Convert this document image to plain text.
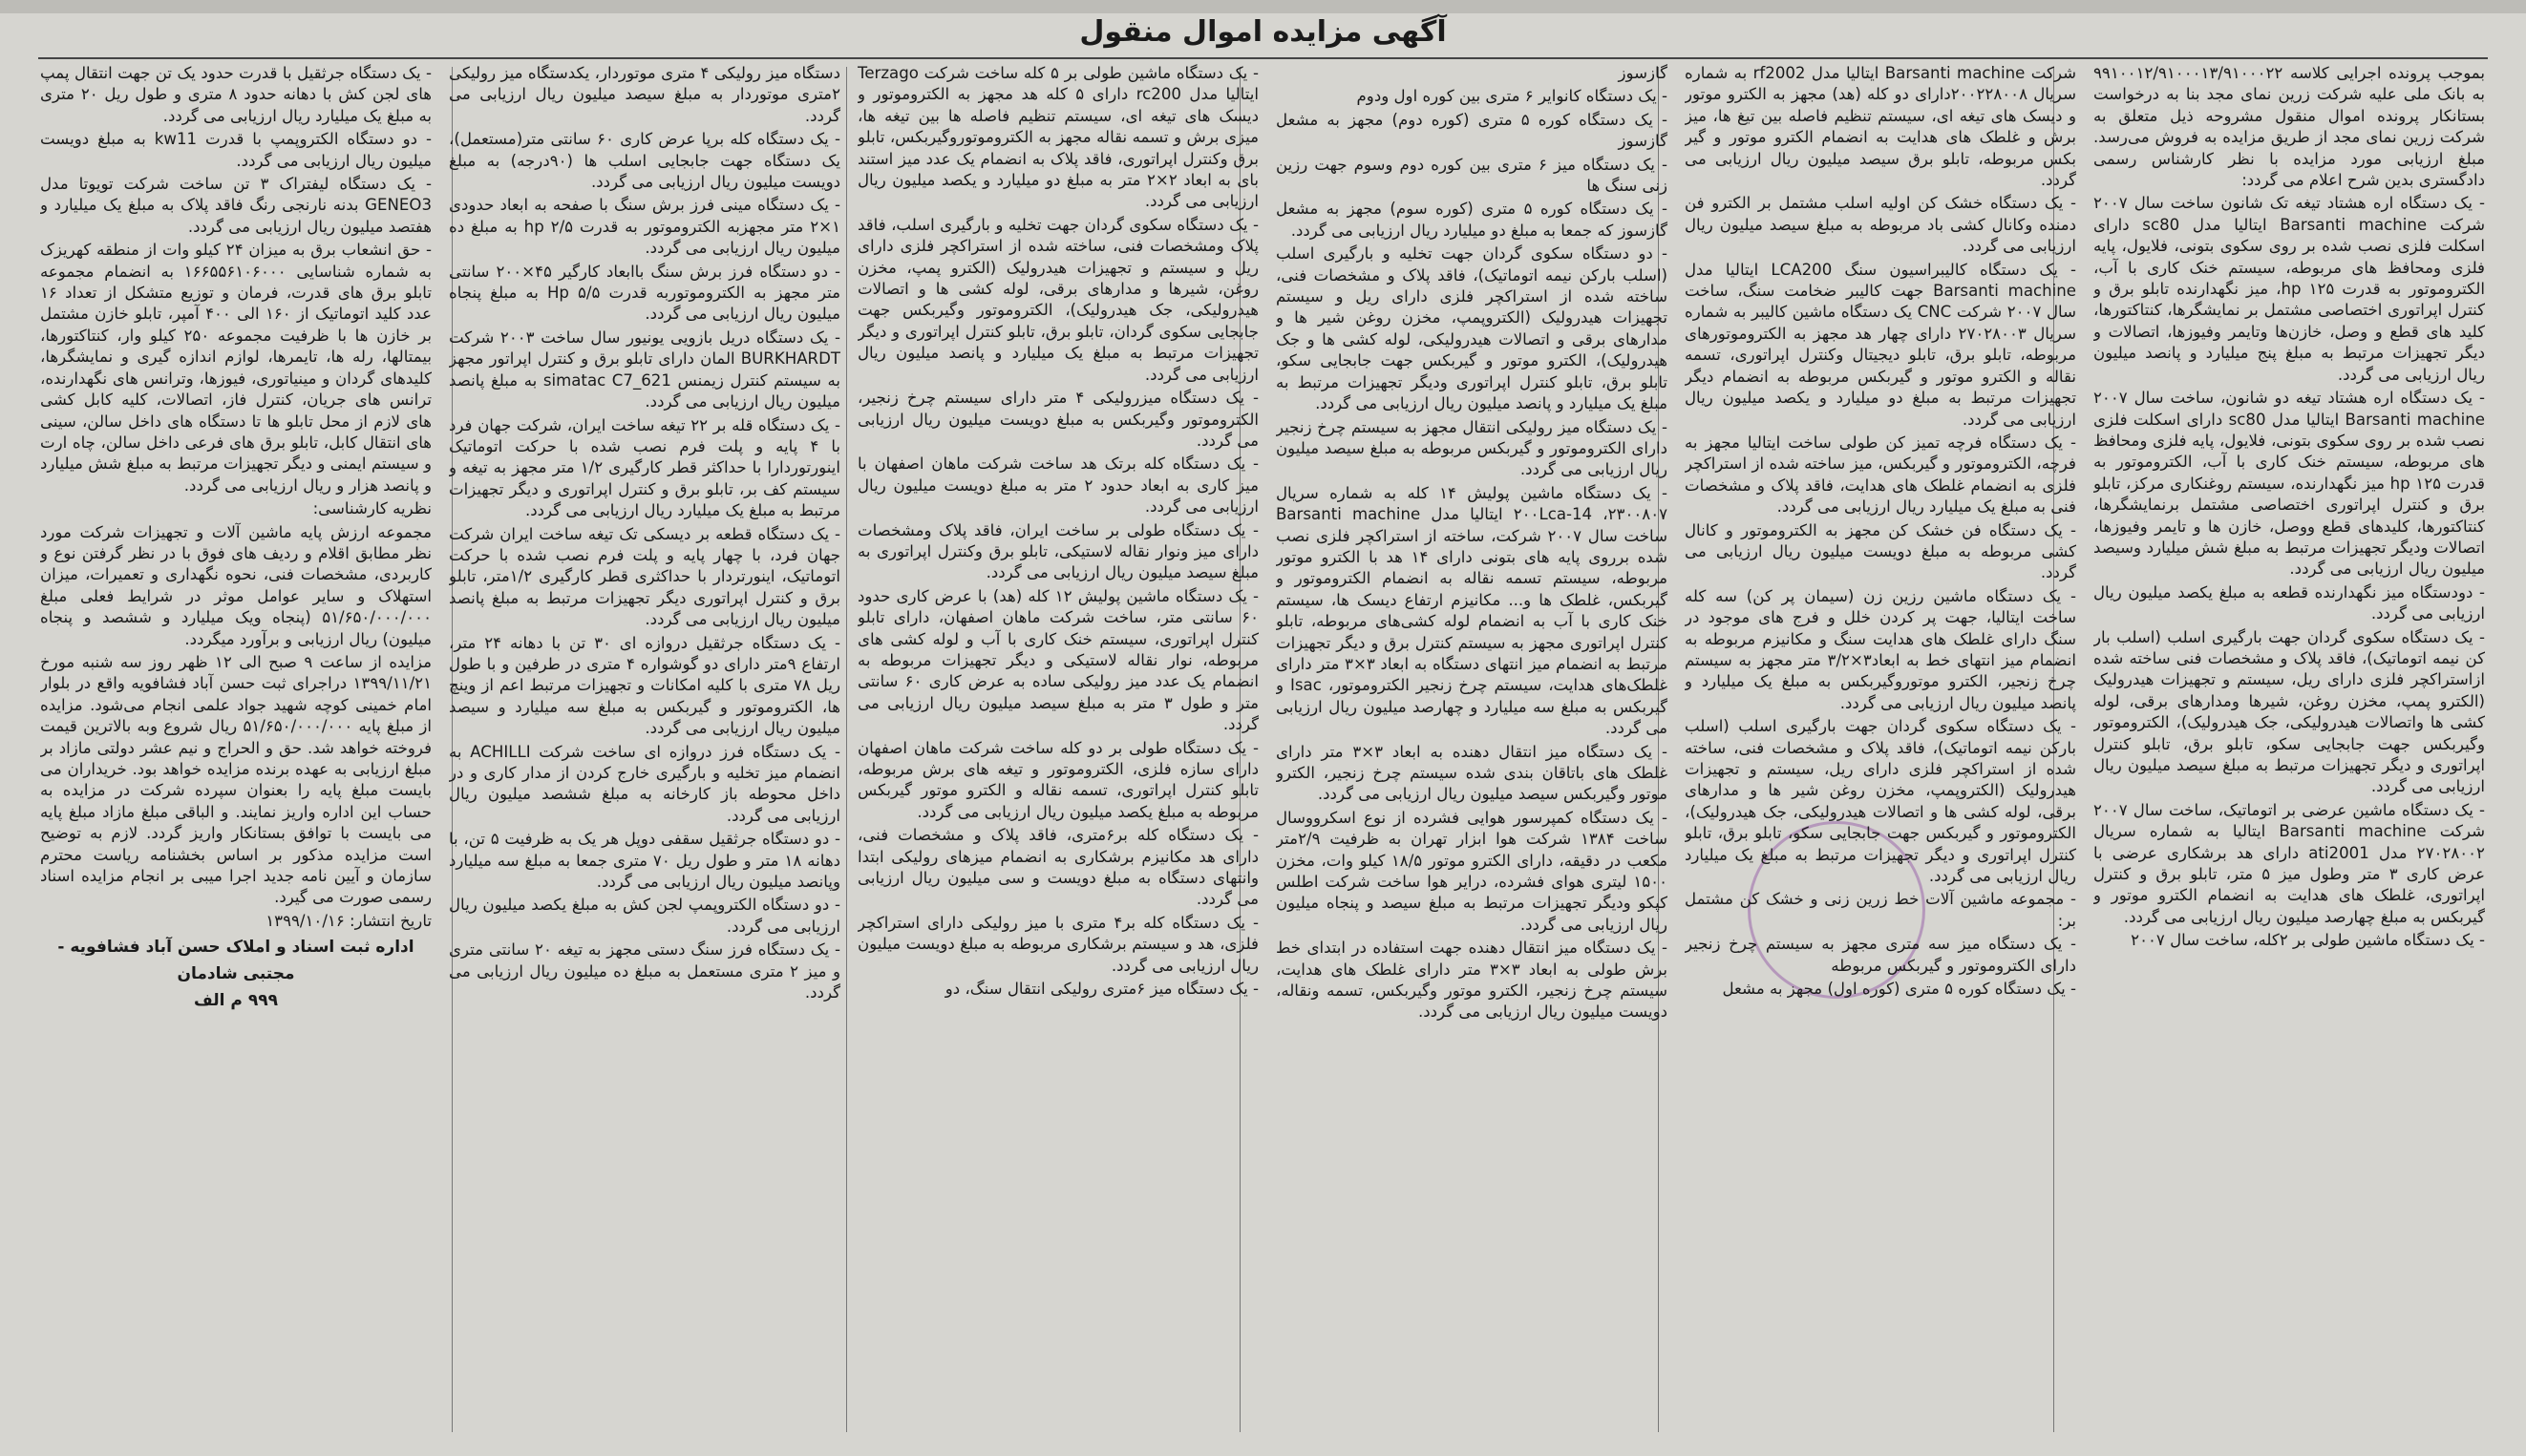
آگهی مزایده اموال منقول

بموجب پرونده اجرایی کلاسه ۹۹۱۰۰۱۲/۹۱۰۰۰۱۳/۹۱۰۰۰۲۲ به بانک ملی علیه شرکت زرین نمای مجد بنا به درخواست بستانکار پرونده اموال منقول مشروحه ذیل متعلق به شرکت زرین نمای مجد از طریق مزایده به فروش می‌رسد. مبلغ ارزیابی مورد مزایده با نظر کارشناس رسمی دادگستری بدین شرح اعلام می گردد:

- یک دستگاه اره هشتاد تیغه تک شانون ساخت سال ۲۰۰۷ شرکت Barsanti machine ایتالیا مدل sc80 دارای اسکلت فلزی نصب شده بر روی سکوی بتونی، فلایول، پایه فلزی ومحافظ های مربوطه، سیستم خنک کاری با آب، الکتروموتور به قدرت hp ۱۲۵، میز نگهدارنده تابلو برق و کنترل اپراتوری اختصاصی مشتمل بر نمایشگرها، کنتاکتورها، کلید های قطع و وصل، خازن‌ها وتایمر وفیوزها، اتصالات و دیگر تجهیزات مرتبط به مبلغ پنج میلیارد و پانصد میلیون ریال ارزیابی می گردد.

- یک دستگاه اره هشتاد تیغه دو شانون، ساخت سال ۲۰۰۷ Barsanti machine ایتالیا مدل sc80 دارای اسکلت فلزی نصب شده بر روی سکوی بتونی، فلایول، پایه فلزی ومحافظ های مربوطه، سیستم خنک کاری با آب، الکتروموتور به قدرت hp ۱۲۵ میز نگهدارنده، سیستم روغنکاری مرکز، تابلو برق و کنترل اپراتوری اختصاصی مشتمل برنمایشگرها، کنتاکتورها، کلیدهای قطع ووصل، خازن ها و تایمر وفیوزها، اتصالات ودیگر تجهیزات مرتبط به مبلغ شش میلیارد وسیصد میلیون ریال ارزیابی می گردد.

- دودستگاه میز نگهدارنده قطعه به مبلغ یکصد میلیون ریال ارزیابی می گردد.

- یک دستگاه سکوی گردان جهت بارگیری اسلب (اسلب بار کن نیمه اتوماتیک)، فاقد پلاک و مشخصات فنی ساخته شده ازاستراکچر فلزی دارای ریل، سیستم و تجهیزات هیدرولیک (الکترو پمپ، مخزن روغن، شیرها ومدارهای برقی، لوله کشی ها واتصالات هیدرولیکی، جک هیدرولیک)، الکتروموتور وگیربکس جهت جابجایی سکو، تابلو برق، تابلو کنترل اپراتوری و دیگر تجهیزات مرتبط به مبلغ سیصد میلیون ریال ارزیابی می گردد.

- یک دستگاه ماشین عرضی بر اتوماتیک، ساخت سال ۲۰۰۷ شرکت Barsanti machine ایتالیا به شماره سریال ۲۷۰۲۸۰۰۲ مدل ati2001 دارای هد برشکاری عرضی با عرض کاری ۳ متر وطول میز ۵ متر، تابلو برق و کنترل اپراتوری، غلطک های هدایت به انضمام الکترو موتور و گیربکس به مبلغ چهارصد میلیون ریال ارزیابی می گردد.

- یک دستگاه ماشین طولی بر ۲کله، ساخت سال ۲۰۰۷

شرکت Barsanti machine ایتالیا مدل rf2002 به شماره سریال ۲۰۰۲۲۸۰۰۸دارای دو کله (هد) مجهز به الکترو موتور و دیسک های تیغه ای، سیستم تنظیم فاصله بین تیغ ها، میز برش و غلطک های هدایت به انضمام الکترو موتور و گیر بکس مربوطه، تابلو برق سیصد میلیون ریال ارزیابی می گردد.

- یک دستگاه خشک کن اولیه اسلب مشتمل بر الکترو فن دمنده وکانال کشی باد مربوطه به مبلغ سیصد میلیون ریال ارزیابی می گردد.

- یک دستگاه کالیبراسیون سنگ LCA200 ایتالیا مدل Barsanti machine جهت کالیبر ضخامت سنگ، ساخت سال ۲۰۰۷ شرکت CNC یک دستگاه ماشین کالیبر به شماره سریال ۲۷۰۲۸۰۰۳ دارای چهار هد مجهز به الکتروموتورهای مربوطه، تابلو برق، تابلو دیجیتال وکنترل اپراتوری، تسمه نقاله و الکترو موتور و گیربکس مربوطه به انضمام دیگر تجهیزات مرتبط به مبلغ دو میلیارد و یکصد میلیون ریال ارزیابی می گردد.

- یک دستگاه فرچه تمیز کن طولی ساخت ایتالیا مجهز به فرچه، الکتروموتور و گیربکس، میز ساخته شده از استراکچر فلزی به انضمام غلطک های هدایت، فاقد پلاک و مشخصات فنی به مبلغ یک میلیارد ریال ارزیابی می گردد.

- یک دستگاه فن خشک کن مجهز به الکتروموتور و کانال کشی مربوطه به مبلغ دویست میلیون ریال ارزیابی می گردد.

- یک دستگاه ماشین رزین زن (سیمان پر کن) سه کله ساخت ایتالیا، جهت پر کردن خلل و فرج های موجود در سنگ دارای غلطک های هدایت سنگ و مکانیزم مربوطه به انضمام میز انتهای خط به ابعاد۳×۳/۲ متر مجهز به سیستم چرخ زنجیر، الکترو موتوروگیربکس به مبلغ یک میلیارد و پانصد میلیون ریال ارزیابی می گردد.

- یک دستگاه سکوی گردان جهت بارگیری اسلب (اسلب بارکن نیمه اتوماتیک)، فاقد پلاک و مشخصات فنی، ساخته شده از استراکچر فلزی دارای ریل، سیستم و تجهیزات هیدرولیک (الکتروپمپ، مخزن روغن شیر ها و مدارهای برقی، لوله کشی ها و اتصالات هیدرولیکی، جک هیدرولیک)، الکتروموتور و گیربکس جهت جابجایی سکو، تابلو برق، تابلو کنترل اپراتوری و دیگر تجهیزات مرتبط به مبلغ یک میلیارد ریال ارزیابی می گردد.

- مجموعه ماشین آلات خط زرین زنی و خشک کن مشتمل بر:

- یک دستگاه میز سه متری مجهز به سیستم چرخ زنجیر دارای الکتروموتور و گیربکس مربوطه

- یک دستگاه کوره ۵ متری (کوره اول) مجهز به مشعل

گازسوز

- یک دستگاه کانوایر ۶ متری بین کوره اول ودوم

- یک دستگاه کوره ۵ متری (کوره دوم) مجهز به مشعل گازسوز

- یک دستگاه میز ۶ متری بین کوره دوم وسوم جهت رزین زنی سنگ ها

- یک دستگاه کوره ۵ متری (کوره سوم) مجهز به مشعل گازسوز که جمعا به مبلغ دو میلیارد ریال ارزیابی می گردد.

- دو دستگاه سکوی گردان جهت تخلیه و بارگیری اسلب (اسلب بارکن نیمه اتوماتیک)، فاقد پلاک و مشخصات فنی، ساخته شده از استراکچر فلزی دارای ریل و سیستم تجهیزات هیدرولیک (الکتروپمپ، مخزن روغن شیر ها و مدارهای برقی و اتصالات هیدرولیکی، لوله کشی ها و جک هیدرولیک)، الکترو موتور و گیربکس جهت جابجایی سکو، تابلو برق، تابلو کنترل اپراتوری ودیگر تجهیزات مرتبط به مبلغ یک میلیارد و پانصد میلیون ریال ارزیابی می گردد.

- یک دستگاه میز رولیکی انتقال مجهز به سیستم چرخ زنجیر دارای الکتروموتور و گیربکس مربوطه به مبلغ سیصد میلیون ریال ارزیابی می گردد.

- یک دستگاه ماشین پولیش ۱۴ کله به شماره سریال ۲۳۰۰۸۰۷، ۲۰۰Lca-14 ایتالیا مدل Barsanti machine ساخت سال ۲۰۰۷ شرکت، ساخته از استراکچر فلزی نصب شده برروی پایه های بتونی دارای ۱۴ هد با الکترو موتور مربوطه، سیستم تسمه نقاله به انضمام الکتروموتور و گیربکس، غلطک ها و... مکانیزم ارتفاع دیسک ها، سیستم خنک کاری با آب به انضمام لوله کشی‌های مربوطه، تابلو کنترل اپراتوری مجهز به سیستم کنترل برق و دیگر تجهیزات مرتبط به انضمام میز انتهای دستگاه به ابعاد ۳×۳ متر دارای غلطک‌های هدایت، سیستم چرخ زنجیر الکتروموتور، Isac و گیربکس به مبلغ سه میلیارد و چهارصد میلیون ریال ارزیابی می گردد.

- یک دستگاه میز انتقال دهنده به ابعاد ۳×۳ متر دارای غلطک های باتاقان بندی شده سیستم چرخ زنجیر، الکترو موتور وگیربکس سیصد میلیون ریال ارزیابی می گردد.

- یک دستگاه کمپرسور هوایی فشرده از نوع اسکرووسال ساخت ۱۳۸۴ شرکت هوا ابزار تهران به ظرفیت ۲/۹متر مکعب در دقیقه، دارای الکترو موتور ۱۸/۵ کیلو وات، مخزن ۱۵۰۰ لیتری هوای فشرده، درایر هوا ساخت شرکت اطلس کپکو ودیگر تجهیزات مرتبط به مبلغ سیصد و پنجاه میلیون ریال ارزیابی می گردد.

- یک دستگاه میز انتقال دهنده جهت استفاده در ابتدای خط برش طولی به ابعاد ۳×۳ متر دارای غلطک های هدایت، سیستم چرخ زنجیر، الکترو موتور وگیربکس، تسمه ونقاله، دویست میلیون ریال ارزیابی می گردد.

- یک دستگاه ماشین طولی بر ۵ کله ساخت شرکت Terzago ایتالیا مدل rc200 دارای ۵ کله هد مجهز به الکتروموتور و دیسک های تیغه ای، سیستم تنظیم فاصله ها بین تیغه ها، میزی برش و تسمه نقاله مجهز به الکتروموتوروگیربکس، تابلو برق وکنترل اپراتوری، فاقد پلاک به انضمام یک عدد میز استند بای به ابعاد ۲×۲ متر به مبلغ دو میلیارد و یکصد میلیون ریال ارزیابی می گردد.

- یک دستگاه سکوی گردان جهت تخلیه و بارگیری اسلب، فاقد پلاک ومشخصات فنی، ساخته شده از استراکچر فلزی دارای ریل و سیستم و تجهیزات هیدرولیک (الکترو پمپ، مخزن روغن، شیرها و مدارهای برقی، لوله کشی ها و اتصالات هیدرولیکی، جک هیدرولیک)، الکتروموتور وگیربکس جهت جابجایی سکوی گردان، تابلو برق، تابلو کنترل اپراتوری و دیگر تجهیزات مرتبط به مبلغ یک میلیارد و پانصد میلیون ریال ارزیابی می گردد.

- یک دستگاه میزرولیکی ۴ متر دارای سیستم چرخ زنجیر، الکتروموتور وگیربکس به مبلغ دویست میلیون ریال ارزیابی می گردد.

- یک دستگاه کله برتک هد ساخت شرکت ماهان اصفهان با میز کاری به ابعاد حدود ۲ متر به مبلغ دویست میلیون ریال ارزیابی می گردد.

- یک دستگاه طولی بر ساخت ایران، فاقد پلاک ومشخصات دارای میز ونوار نقاله لاستیکی، تابلو برق وکنترل اپراتوری به مبلغ سیصد میلیون ریال ارزیابی می گردد.

- یک دستگاه ماشین پولیش ۱۲ کله (هد) با عرض کاری حدود ۶۰ سانتی متر، ساخت شرکت ماهان اصفهان، دارای تابلو کنترل اپراتوری، سیستم خنک کاری با آب و لوله کشی های مربوطه، نوار نقاله لاستیکی و دیگر تجهیزات مربوطه به انضمام یک عدد میز رولیکی ساده به عرض کاری ۶۰ سانتی متر و طول ۳ متر به مبلغ سیصد میلیون ریال ارزیابی می گردد.

- یک دستگاه طولی بر دو کله ساخت شرکت ماهان اصفهان دارای سازه فلزی، الکتروموتور و تیغه های برش مربوطه، تابلو کنترل اپراتوری، تسمه نقاله و الکترو موتور گیربکس مربوطه به مبلغ یکصد میلیون ریال ارزیابی می گردد.

- یک دستگاه کله بر۶متری، فاقد پلاک و مشخصات فنی، دارای هد مکانیزم برشکاری به انضمام میزهای رولیکی ابتدا وانتهای دستگاه به مبلغ دویست و سی میلیون ریال ارزیابی می گردد.

- یک دستگاه کله بر۴ متری با میز رولیکی دارای استراکچر فلزی، هد و سیستم برشکاری مربوطه به مبلغ دویست میلیون ریال ارزیابی می گردد.

- یک دستگاه میز ۶متری رولیکی انتقال سنگ، دو

دستگاه میز رولیکی ۴ متری موتوردار، یکدستگاه میز رولیکی ۲متری موتوردار به مبلغ سیصد میلیون ریال ارزیابی می گردد.

- یک دستگاه کله برپا عرض کاری ۶۰ سانتی متر(مستعمل)، یک دستگاه جهت جابجایی اسلب ها (۹۰درجه) به مبلغ دویست میلیون ریال ارزیابی می گردد.

- یک دستگاه مینی فرز برش سنگ با صفحه به ابعاد حدودی ۱×۲ متر مجهزبه الکتروموتور به قدرت hp ۲/۵ به مبلغ ده میلیون ریال ارزیابی می گردد.

- دو دستگاه فرز برش سنگ باابعاد کارگیر ۴۵×۲۰۰ سانتی متر مجهز به الکتروموتوربه قدرت Hp ۵/۵ به مبلغ پنجاه میلیون ریال ارزیابی می گردد.

- یک دستگاه دریل بازویی یونیور سال ساخت ۲۰۰۳ شرکت BURKHARDT المان دارای تابلو برق و کنترل اپراتور مجهز به سیستم کنترل زیمنس simatac C7_621 به مبلغ پانصد میلیون ریال ارزیابی می گردد.

- یک دستگاه قله بر ۲۲ تیغه ساخت ایران، شرکت جهان فرد با ۴ پایه و پلت فرم نصب شده با حرکت اتوماتیک اینورتوردارا با حداکثر قطر کارگیری ۱/۲ متر مجهز به تیغه و سیستم کف بر، تابلو برق و کنترل اپراتوری و دیگر تجهیزات مرتبط به مبلغ یک میلیارد ریال ارزیابی می گردد.

- یک دستگاه قطعه بر دیسکی تک تیغه ساخت ایران شرکت جهان فرد، با چهار پایه و پلت فرم نصب شده با حرکت اتوماتیک، اینورتردار با حداکثری قطر کارگیری ۱/۲متر، تابلو برق و کنترل اپراتوری دیگر تجهیزات مرتبط به مبلغ پانصد میلیون ریال ارزیابی می گردد.

- یک دستگاه جرثقیل دروازه ای ۳۰ تن با دهانه ۲۴ متر، ارتفاع ۹متر دارای دو گوشواره ۴ متری در طرفین و با طول ریل ۷۸ متری با کلیه امکانات و تجهیزات مرتبط اعم از وینچ ها، الکتروموتور و گیربکس به مبلغ سه میلیارد و سیصد میلیون ریال ارزیابی می گردد.

- یک دستگاه فرز دروازه ای ساخت شرکت ACHILLI به انضمام میز تخلیه و بارگیری خارج کردن از مدار کاری و در داخل محوطه باز کارخانه به مبلغ ششصد میلیون ریال ارزیابی می گردد.

- دو دستگاه جرثقیل سقفی دوپل هر یک به ظرفیت ۵ تن، با دهانه ۱۸ متر و طول ریل ۷۰ متری جمعا به مبلغ سه میلیارد وپانصد میلیون ریال ارزیابی می گردد.

- دو دستگاه الکتروپمپ لجن کش به مبلغ یکصد میلیون ریال ارزیابی می گردد.

- یک دستگاه فرز سنگ دستی مجهز به تیغه ۲۰ سانتی متری و میز ۲ متری مستعمل به مبلغ ده میلیون ریال ارزیابی می گردد.

- یک دستگاه جرثقیل با قدرت حدود یک تن جهت انتقال پمپ های لجن کش با دهانه حدود ۸ متری و طول ریل ۲۰ متری به مبلغ یک میلیارد ریال ارزیابی می گردد.

- دو دستگاه الکتروپمپ با قدرت kw11 به مبلغ دویست میلیون ریال ارزیابی می گردد.

- یک دستگاه لیفتراک ۳ تن ساخت شرکت تویوتا مدل GENEO3 بدنه نارنجی رنگ فاقد پلاک به مبلغ یک میلیارد و هفتصد میلیون ریال ارزیابی می گردد.

- حق انشعاب برق به میزان ۲۴ کیلو وات از منطقه کهریزک به شماره شناسایی ۱۶۶۵۵۶۱۰۶۰۰۰ به انضمام مجموعه تابلو برق های قدرت، فرمان و توزیع متشکل از تعداد ۱۶ عدد کلید اتوماتیک از ۱۶۰ الی ۴۰۰ آمپر، تابلو خازن مشتمل بر خازن ها با ظرفیت مجموعه ۲۵۰ کیلو وار، کنتاکتورها، بیمتالها، رله ها، تایمرها، لوازم اندازه گیری و نمایشگرها، کلیدهای گردان و مینیاتوری، فیوزها، وترانس های نگهدارنده، ترانس های جریان، کنترل فاز، اتصالات، کلیه کابل کشی های لازم از محل تابلو ها تا دستگاه های داخل سالن، سینی های انتقال کابل، تابلو برق های فرعی داخل سالن، چاه ارت و سیستم ایمنی و دیگر تجهیزات مرتبط به مبلغ شش میلیارد و پانصد هزار و ریال ارزیابی می گردد.

نظریه کارشناسی:

مجموعه ارزش پایه ماشین آلات و تجهیزات شرکت مورد نظر مطابق اقلام و ردیف های فوق با در نظر گرفتن نوع و کاربردی، مشخصات فنی، نحوه نگهداری و تعمیرات، میزان استهلاک و سایر عوامل موثر در شرایط فعلی مبلغ ۵۱/۶۵۰/۰۰۰/۰۰۰ (پنجاه ویک میلیارد و ششصد و پنجاه میلیون) ریال ارزیابی و برآورد میگردد.

مزایده از ساعت ۹ صبح الی ۱۲ ظهر روز سه شنبه مورخ ۱۳۹۹/۱۱/۲۱ دراجرای ثبت حسن آباد فشافویه واقع در بلوار امام خمینی کوچه شهید جواد علمی انجام می‌شود. مزایده از مبلغ پایه ۵۱/۶۵۰/۰۰۰/۰۰۰ ریال شروع وبه بالاترین قیمت فروخته خواهد شد. حق و الحراج و نیم عشر دولتی مازاد بر مبلغ ارزیابی به عهده برنده مزایده خواهد بود. خریداران می بایست مبلغ پایه را بعنوان سپرده شرکت در مزایده به حساب این اداره واریز نمایند. و الباقی مبلغ مازاد مبلغ پایه می بایست با توافق بستانکار واریز گردد. لازم به توضیح است مزایده مذکور بر اساس بخشنامه ریاست محترم سازمان و آیین نامه جدید اجرا میبی بر انجام مزایده اسناد رسمی صورت می گیرد.

تاریخ انتشار: ۱۳۹۹/۱۰/۱۶

اداره ثبت اسناد و املاک حسن آباد فشافویه -
مجتبی شادمان
۹۹۹ م الف
